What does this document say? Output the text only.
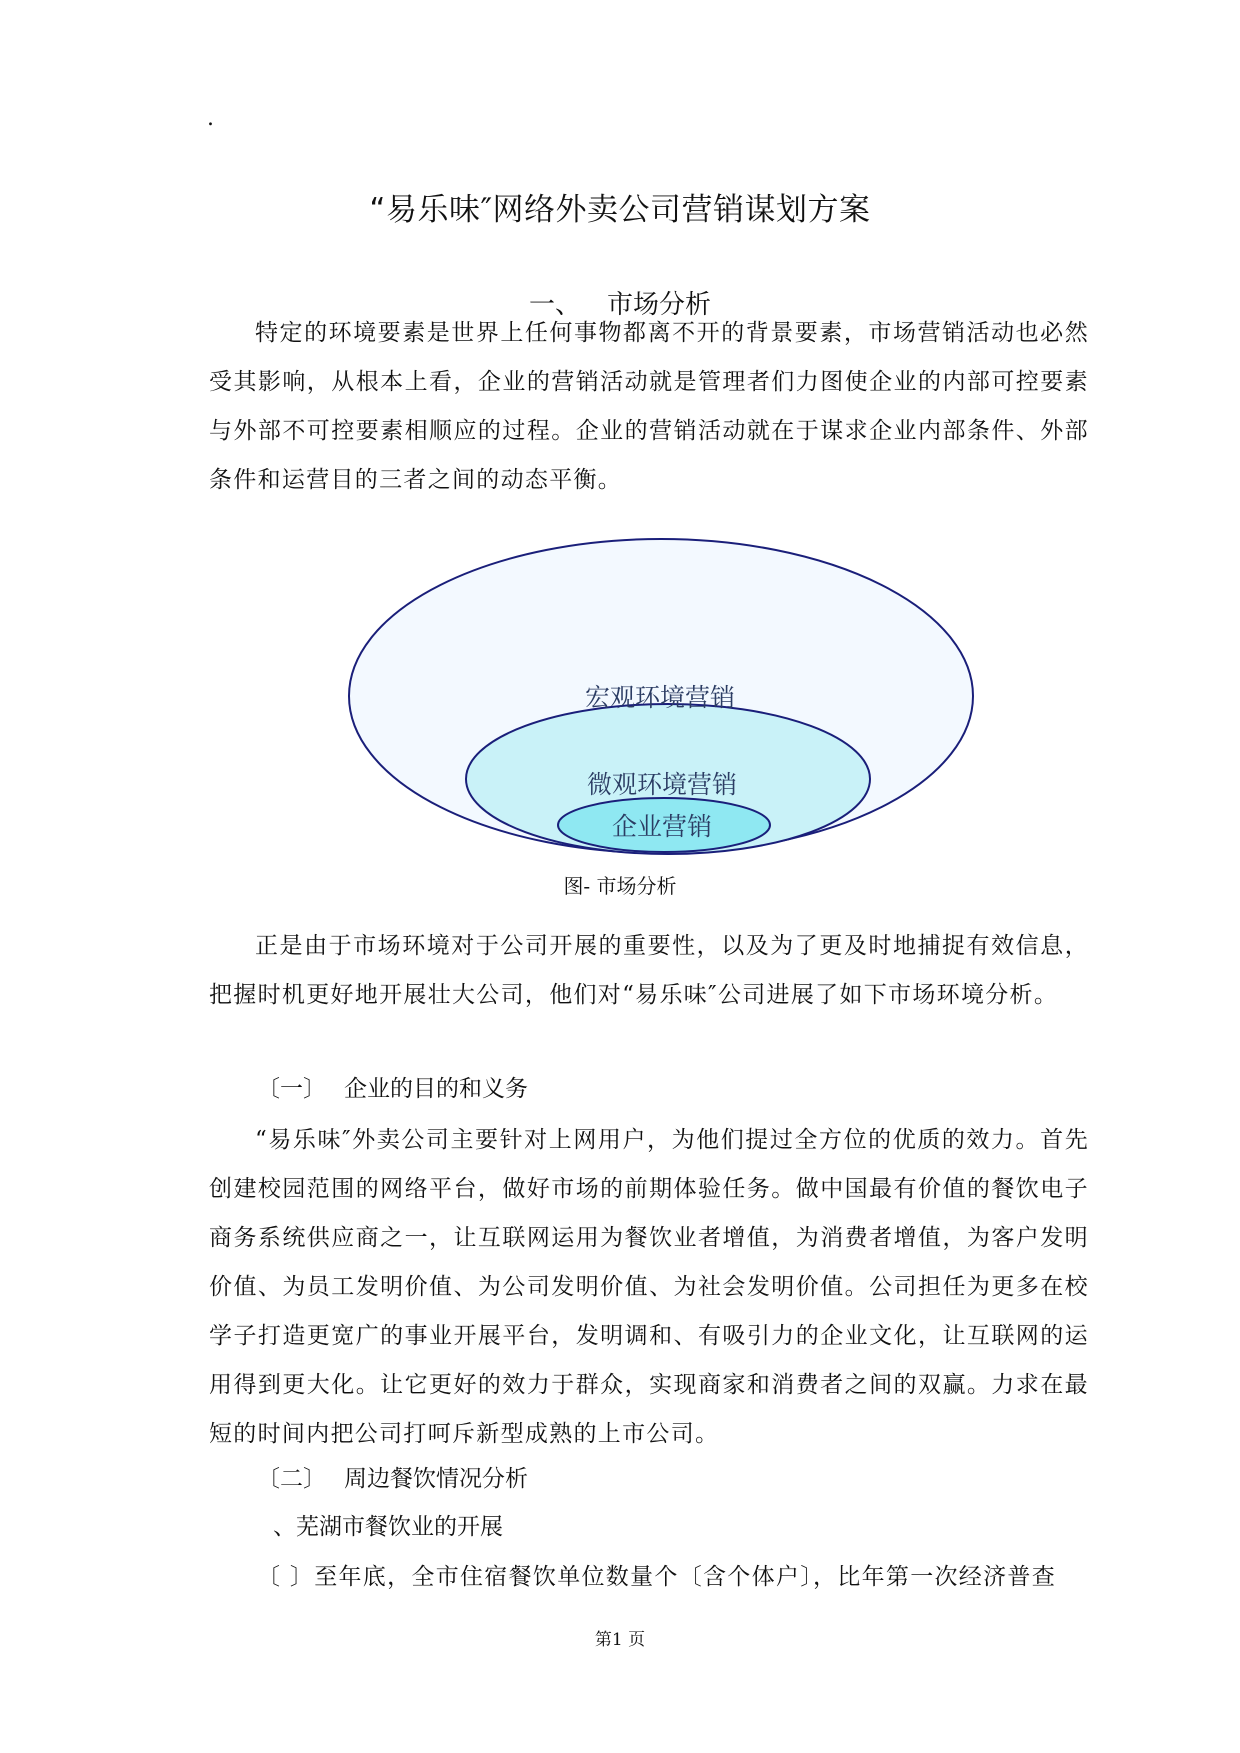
.
“易乐味″网络外卖公司营销谋划方案
一、 市场分析

特定的环境要素是世界上任何事物都离不开的背景要素，市场营销活动也必然受其影响，从根本上看，企业的营销活动就是管理者们力图使企业的内部可控要素与外部不可控要素相顺应的过程。企业的营销活动就在于谋求企业内部条件、外部条件和运营目的三者之间的动态平衡。

宏观环境营销
微观环境营销
企业营销
图- 市场分析

正是由于市场环境对于公司开展的重要性，以及为了更及时地捕捉有效信息，把握时机更好地开展壮大公司，他们对“易乐味″公司进展了如下市场环境分析。

〔一〕 企业的目的和义务

“易乐味″外卖公司主要针对上网用户，为他们提过全方位的优质的效力。首先创建校园范围的网络平台，做好市场的前期体验任务。做中国最有价值的餐饮电子商务系统供应商之一，让互联网运用为餐饮业者增值，为消费者增值，为客户发明价值、为员工发明价值、为公司发明价值、为社会发明价值。公司担任为更多在校学子打造更宽广的事业开展平台，发明调和、有吸引力的企业文化，让互联网的运用得到更大化。让它更好的效力于群众，实现商家和消费者之间的双赢。力求在最短的时间内把公司打呵斥新型成熟的上市公司。

〔二〕 周边餐饮情况分析
、芜湖市餐饮业的开展

〔 〕至年底，全市住宿餐饮单位数量个〔含个体户〕，比年第一次经济普查

第1 页
